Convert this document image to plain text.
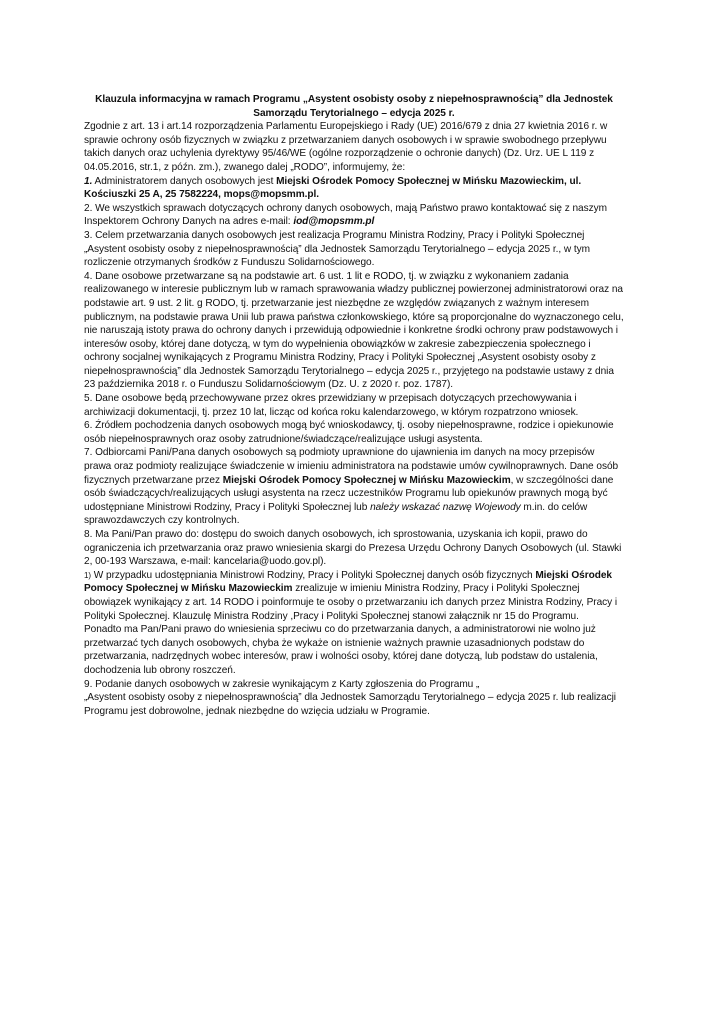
Klauzula informacyjna w ramach Programu „Asystent osobisty osoby z niepełnosprawnością” dla Jednostek Samorządu Terytorialnego – edycja 2025 r.

Zgodnie z art. 13 i art.14 rozporządzenia Parlamentu Europejskiego i Rady (UE) 2016/679 z dnia 27 kwietnia 2016 r. w sprawie ochrony osób fizycznych w związku z przetwarzaniem danych osobowych i w sprawie swobodnego przepływu takich danych oraz uchylenia dyrektywy 95/46/WE (ogólne rozporządzenie o ochronie danych) (Dz. Urz. UE L 119 z 04.05.2016, str.1, z późn. zm.), zwanego dalej „RODO”, informujemy, że:

1. Administratorem danych osobowych jest Miejski Ośrodek Pomocy Społecznej w Mińsku Mazowieckim, ul. Kościuszki 25 A, 25 7582224, mops@mopsmm.pl.

2. We wszystkich sprawach dotyczących ochrony danych osobowych, mają Państwo prawo kontaktować się z naszym Inspektorem Ochrony Danych na adres e-mail: iod@mopsmm.pl

3. Celem przetwarzania danych osobowych jest realizacja Programu Ministra Rodziny, Pracy i Polityki Społecznej „Asystent osobisty osoby z niepełnosprawnością” dla Jednostek Samorządu Terytorialnego – edycja 2025 r., w tym rozliczenie otrzymanych środków z Funduszu Solidarnościowego.

4. Dane osobowe przetwarzane są na podstawie art. 6 ust. 1 lit e RODO, tj. w związku z wykonaniem zadania realizowanego w interesie publicznym lub w ramach sprawowania władzy publicznej powierzonej administratorowi oraz na podstawie art. 9 ust. 2 lit. g RODO, tj. przetwarzanie jest niezbędne ze względów związanych z ważnym interesem publicznym, na podstawie prawa Unii lub prawa państwa członkowskiego, które są proporcjonalne do wyznaczonego celu, nie naruszają istoty prawa do ochrony danych i przewidują odpowiednie i konkretne środki ochrony praw podstawowych i interesów osoby, której dane dotyczą, w tym do wypełnienia obowiązków w zakresie zabezpieczenia społecznego i ochrony socjalnej wynikających z Programu Ministra Rodziny, Pracy i Polityki Społecznej „Asystent osobisty osoby z niepełnosprawnością” dla Jednostek Samorządu Terytorialnego – edycja 2025 r., przyjętego na podstawie ustawy z dnia 23 października 2018 r. o Funduszu Solidarnościowym (Dz. U. z 2020 r. poz. 1787).

5. Dane osobowe będą przechowywane przez okres przewidziany w przepisach dotyczących przechowywania i archiwizacji dokumentacji, tj. przez 10 lat, licząc od końca roku kalendarzowego, w którym rozpatrzono wniosek.

6. Źródłem pochodzenia danych osobowych mogą być wnioskodawcy, tj. osoby niepełnosprawne, rodzice i opiekunowie osób niepełnosprawnych oraz osoby zatrudnione/świadczące/realizujące usługi asystenta.

7. Odbiorcami Pani/Pana danych osobowych są podmioty uprawnione do ujawnienia im danych na mocy przepisów prawa oraz podmioty realizujące świadczenie w imieniu administratora na podstawie umów cywilnoprawnych. Dane osób fizycznych przetwarzane przez Miejski Ośrodek Pomocy Społecznej w Mińsku Mazowieckim, w szczególności dane osób świadczących/realizujących usługi asystenta na rzecz uczestników Programu lub opiekunów prawnych mogą być udostępniane Ministrowi Rodziny, Pracy i Polityki Społecznej lub należy wskazać nazwę Wojewody m.in. do celów sprawozdawczych czy kontrolnych.

8. Ma Pani/Pan prawo do: dostępu do swoich danych osobowych, ich sprostowania, uzyskania ich kopii, prawo do ograniczenia ich przetwarzania oraz prawo wniesienia skargi do Prezesa Urzędu Ochrony Danych Osobowych (ul. Stawki 2, 00-193 Warszawa, e-mail: kancelaria@uodo.gov.pl).

1) W przypadku udostępniania Ministrowi Rodziny, Pracy i Polityki Społecznej danych osób fizycznych Miejski Ośrodek Pomocy Społecznej w Mińsku Mazowieckim zrealizuje w imieniu Ministra Rodziny, Pracy i Polityki Społecznej obowiązek wynikający z art. 14 RODO i poinformuje te osoby o przetwarzaniu ich danych przez Ministra Rodziny, Pracy i Polityki Społecznej. Klauzulę Ministra Rodziny ,Pracy i Polityki Społecznej stanowi załącznik nr 15 do Programu.

Ponadto ma Pan/Pani prawo do wniesienia sprzeciwu co do przetwarzania danych, a administratorowi nie wolno już przetwarzać tych danych osobowych, chyba że wykaże on istnienie ważnych prawnie uzasadnionych podstaw do przetwarzania, nadrzędnych wobec interesów, praw i wolności osoby, której dane dotyczą, lub podstaw do ustalenia, dochodzenia lub obrony roszczeń.

9. Podanie danych osobowych w zakresie wynikającym z Karty zgłoszenia do Programu „
„Asystent osobisty osoby z niepełnosprawnością” dla Jednostek Samorządu Terytorialnego – edycja 2025 r. lub realizacji Programu jest dobrowolne, jednak niezbędne do wzięcia udziału w Programie.
